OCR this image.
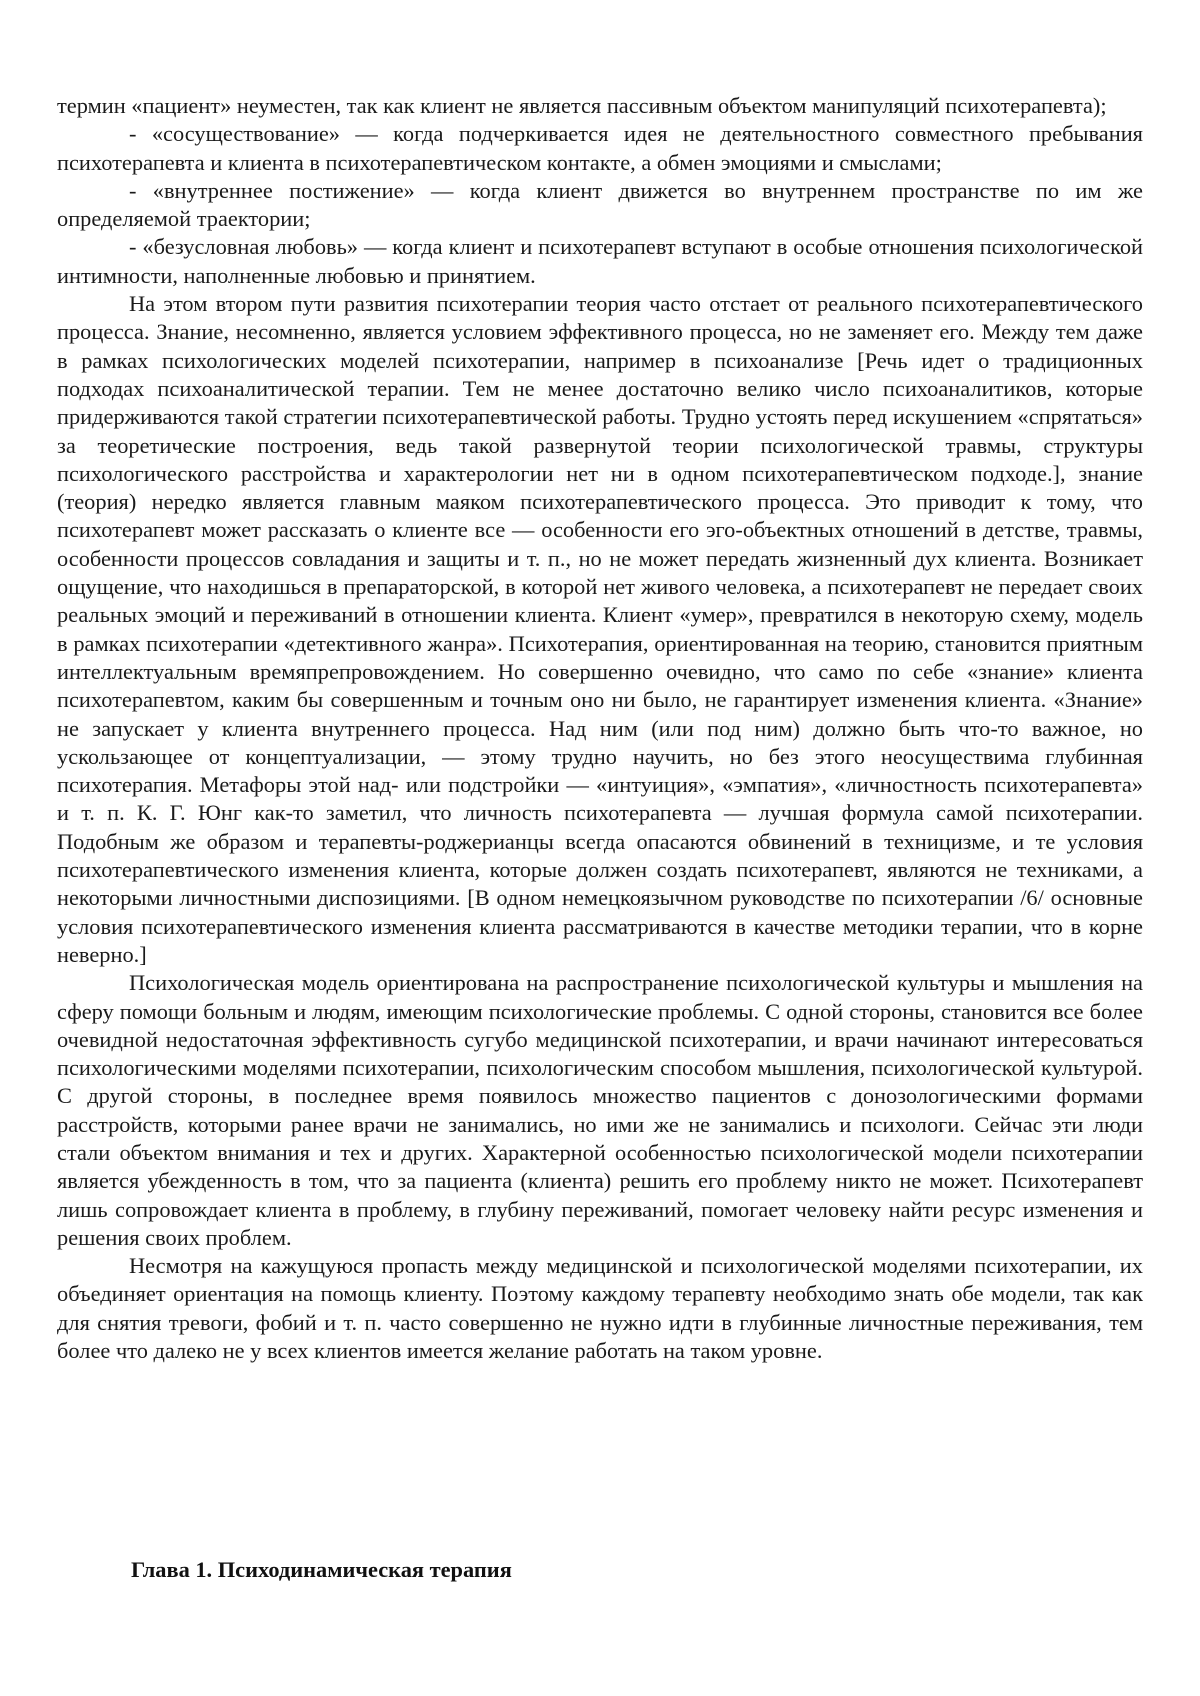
термин «пациент» неуместен, так как клиент не является пассивным объектом манипуляций психотерапевта);

- «сосуществование» — когда подчеркивается идея не деятельностного совместного пребывания психотерапевта и клиента в психотерапевтическом контакте, а обмен эмоциями и смыслами;

- «внутреннее постижение» — когда клиент движется во внутреннем пространстве по им же определяемой траектории;

- «безусловная любовь» — когда клиент и психотерапевт вступают в особые отношения психологической интимности, наполненные любовью и принятием.

На этом втором пути развития психотерапии теория часто отстает от реального психотерапевтического процесса. Знание, несомненно, является условием эффективного процесса, но не заменяет его. Между тем даже в рамках психологических моделей психотерапии, например в психоанализе [Речь идет о традиционных подходах психоаналитической терапии. Тем не менее достаточно велико число психоаналитиков, которые придерживаются такой стратегии психотерапевтической работы. Трудно устоять перед искушением «спрятаться» за теоретические построения, ведь такой развернутой теории психологической травмы, структуры психологического расстройства и характерологии нет ни в одном психотерапевтическом подходе.], знание (теория) нередко является главным маяком психотерапевтического процесса. Это приводит к тому, что психотерапевт может рассказать о клиенте все — особенности его эго-объектных отношений в детстве, травмы, особенности процессов совладания и защиты и т. п., но не может передать жизненный дух клиента. Возникает ощущение, что находишься в препараторской, в которой нет живого человека, а психотерапевт не передает своих реальных эмоций и переживаний в отношении клиента. Клиент «умер», превратился в некоторую схему, модель в рамках психотерапии «детективного жанра». Психотерапия, ориентированная на теорию, становится приятным интеллектуальным времяпрепровождением. Но совершенно очевидно, что само по себе «знание» клиента психотерапевтом, каким бы совершенным и точным оно ни было, не гарантирует изменения клиента. «Знание» не запускает у клиента внутреннего процесса. Над ним (или под ним) должно быть что-то важное, но ускользающее от концептуализации, — этому трудно научить, но без этого неосуществима глубинная психотерапия. Метафоры этой над- или подстройки — «интуиция», «эмпатия», «личностность психотерапевта» и т. п. К. Г. Юнг как-то заметил, что личность психотерапевта — лучшая формула самой психотерапии. Подобным же образом и терапевты-роджерианцы всегда опасаются обвинений в техницизме, и те условия психотерапевтического изменения клиента, которые должен создать психотерапевт, являются не техниками, а некоторыми личностными диспозициями. [В одном немецкоязычном руководстве по психотерапии /6/ основные условия психотерапевтического изменения клиента рассматриваются в качестве методики терапии, что в корне неверно.]

Психологическая модель ориентирована на распространение психологической культуры и мышления на сферу помощи больным и людям, имеющим психологические проблемы. С одной стороны, становится все более очевидной недостаточная эффективность сугубо медицинской психотерапии, и врачи начинают интересоваться психологическими моделями психотерапии, психологическим способом мышления, психологической культурой. С другой стороны, в последнее время появилось множество пациентов с донозологическими формами расстройств, которыми ранее врачи не занимались, но ими же не занимались и психологи. Сейчас эти люди стали объектом внимания и тех и других. Характерной особенностью психологической модели психотерапии является убежденность в том, что за пациента (клиента) решить его проблему никто не может. Психотерапевт лишь сопровождает клиента в проблему, в глубину переживаний, помогает человеку найти ресурс изменения и решения своих проблем.

Несмотря на кажущуюся пропасть между медицинской и психологической моделями психотерапии, их объединяет ориентация на помощь клиенту. Поэтому каждому терапевту необходимо знать обе модели, так как для снятия тревоги, фобий и т. п. часто совершенно не нужно идти в глубинные личностные переживания, тем более что далеко не у всех клиентов имеется желание работать на таком уровне.

Глава 1. Психодинамическая терапия
